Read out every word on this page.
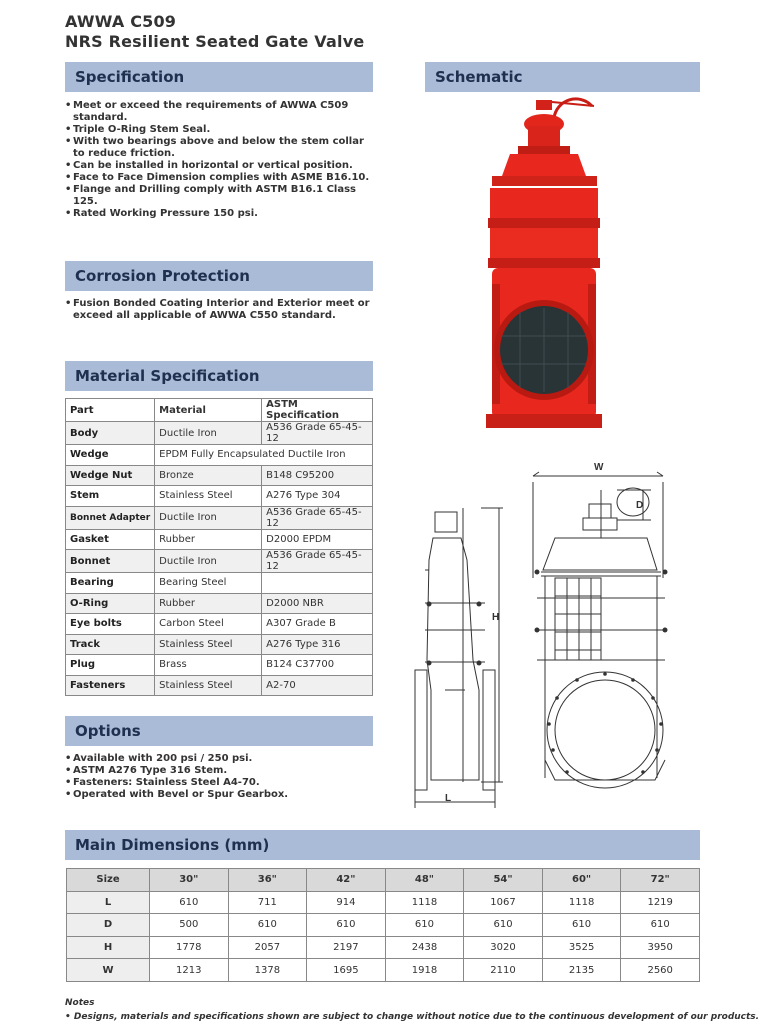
AWWA C509
NRS Resilient Seated Gate Valve
Specification
• Meet or exceed the requirements of AWWA C509 standard.
• Triple O-Ring Stem Seal.
• With two bearings above and below the stem collar to reduce friction.
• Can be installed in horizontal or vertical position.
• Face to Face Dimension complies with ASME B16.10.
• Flange and Drilling comply with ASTM B16.1 Class 125.
• Rated Working Pressure 150 psi.
Schematic
Corrosion Protection
• Fusion Bonded Coating Interior and Exterior meet or exceed all applicable of AWWA C550 standard.
Material Specification
Part	Material	ASTM Specification
Body	Ductile Iron	A536 Grade 65-45-12
Wedge	EPDM Fully Encapsulated Ductile Iron	
Wedge Nut	Bronze	B148 C95200
Stem	Stainless Steel	A276 Type 304
Bonnet Adapter	Ductile Iron	A536 Grade 65-45-12
Gasket	Rubber	D2000 EPDM
Bonnet	Ductile Iron	A536 Grade 65-45-12
Bearing	Bearing Steel	
O-Ring	Rubber	D2000 NBR
Eye bolts	Carbon Steel	A307 Grade B
Track	Stainless Steel	A276 Type 316
Plug	Brass	B124 C37700
Fasteners	Stainless Steel	A2-70
Options
• Available with 200 psi / 250 psi.
• ASTM A276 Type 316 Stem.
• Fasteners: Stainless Steel A4-70.
• Operated with Bevel or Spur Gearbox.
W
D
H
L
Main Dimensions (mm)
Size	30"	36"	42"	48"	54"	60"	72"
L	610	711	914	1118	1067	1118	1219
D	500	610	610	610	610	610	610
H	1778	2057	2197	2438	3020	3525	3950
W	1213	1378	1695	1918	2110	2135	2560
Notes
• Designs, materials and specifications shown are subject to change without notice due to the continuous development of our products.
